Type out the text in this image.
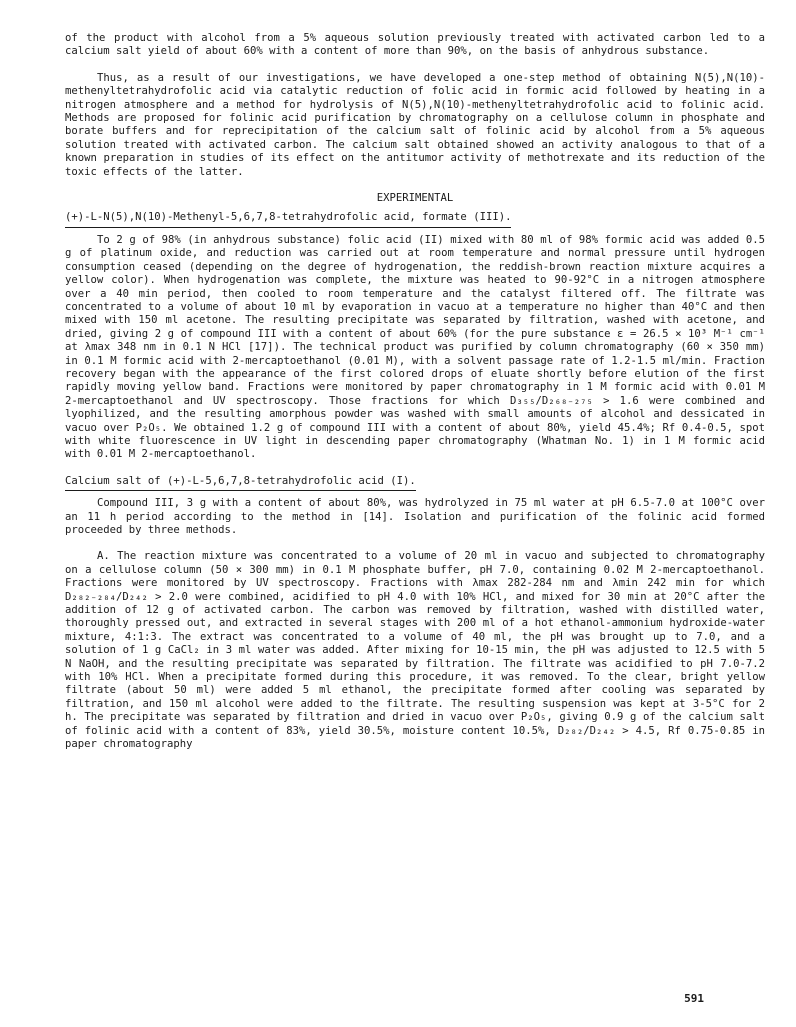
of the product with alcohol from a 5% aqueous solution previously treated with activated carbon led to a calcium salt yield of about 60% with a content of more than 90%, on the basis of anhydrous substance.

Thus, as a result of our investigations, we have developed a one-step method of obtaining N(5),N(10)-methenyltetrahydrofolic acid via catalytic reduction of folic acid in formic acid followed by heating in a nitrogen atmosphere and a method for hydrolysis of N(5),N(10)-methenyltetrahydrofolic acid to folinic acid. Methods are proposed for folinic acid purification by chromatography on a cellulose column in phosphate and borate buffers and for reprecipitation of the calcium salt of folinic acid by alcohol from a 5% aqueous solution treated with activated carbon. The calcium salt obtained showed an activity analogous to that of a known preparation in studies of its effect on the antitumor activity of methotrexate and its reduction of the toxic effects of the latter.

EXPERIMENTAL

(+)-L-N(5),N(10)-Methenyl-5,6,7,8-tetrahydrofolic acid, formate (III).

To 2 g of 98% (in anhydrous substance) folic acid (II) mixed with 80 ml of 98% formic acid was added 0.5 g of platinum oxide, and reduction was carried out at room temperature and normal pressure until hydrogen consumption ceased (depending on the degree of hydrogenation, the reddish-brown reaction mixture acquires a yellow color). When hydrogenation was complete, the mixture was heated to 90-92°C in a nitrogen atmosphere over a 40 min period, then cooled to room temperature and the catalyst filtered off. The filtrate was concentrated to a volume of about 10 ml by evaporation in vacuo at a temperature no higher than 40°C and then mixed with 150 ml acetone. The resulting precipitate was separated by filtration, washed with acetone, and dried, giving 2 g of compound III with a content of about 60% (for the pure substance ε = 26.5 × 10³ M⁻¹ cm⁻¹ at λmax 348 nm in 0.1 N HCl [17]). The technical product was purified by column chromatography (60 × 350 mm) in 0.1 M formic acid with 2-mercaptoethanol (0.01 M), with a solvent passage rate of 1.2-1.5 ml/min. Fraction recovery began with the appearance of the first colored drops of eluate shortly before elution of the first rapidly moving yellow band. Fractions were monitored by paper chromatography in 1 M formic acid with 0.01 M 2-mercaptoethanol and UV spectroscopy. Those fractions for which D₃₅₅/D₂₆₈₋₂₇₅ > 1.6 were combined and lyophilized, and the resulting amorphous powder was washed with small amounts of alcohol and dessicated in vacuo over P₂O₅. We obtained 1.2 g of compound III with a content of about 80%, yield 45.4%; Rf 0.4-0.5, spot with white fluorescence in UV light in descending paper chromatography (Whatman No. 1) in 1 M formic acid with 0.01 M 2-mercaptoethanol.

Calcium salt of (+)-L-5,6,7,8-tetrahydrofolic acid (I).

Compound III, 3 g with a content of about 80%, was hydrolyzed in 75 ml water at pH 6.5-7.0 at 100°C over an 11 h period according to the method in [14]. Isolation and purification of the folinic acid formed proceeded by three methods.

A. The reaction mixture was concentrated to a volume of 20 ml in vacuo and subjected to chromatography on a cellulose column (50 × 300 mm) in 0.1 M phosphate buffer, pH 7.0, containing 0.02 M 2-mercaptoethanol. Fractions were monitored by UV spectroscopy. Fractions with λmax 282-284 nm and λmin 242 min for which D₂₈₂₋₂₈₄/D₂₄₂ > 2.0 were combined, acidified to pH 4.0 with 10% HCl, and mixed for 30 min at 20°C after the addition of 12 g of activated carbon. The carbon was removed by filtration, washed with distilled water, thoroughly pressed out, and extracted in several stages with 200 ml of a hot ethanol-ammonium hydroxide-water mixture, 4:1:3. The extract was concentrated to a volume of 40 ml, the pH was brought up to 7.0, and a solution of 1 g CaCl₂ in 3 ml water was added. After mixing for 10-15 min, the pH was adjusted to 12.5 with 5 N NaOH, and the resulting precipitate was separated by filtration. The filtrate was acidified to pH 7.0-7.2 with 10% HCl. When a precipitate formed during this procedure, it was removed. To the clear, bright yellow filtrate (about 50 ml) were added 5 ml ethanol, the precipitate formed after cooling was separated by filtration, and 150 ml alcohol were added to the filtrate. The resulting suspension was kept at 3-5°C for 2 h. The precipitate was separated by filtration and dried in vacuo over P₂O₅, giving 0.9 g of the calcium salt of folinic acid with a content of 83%, yield 30.5%, moisture content 10.5%, D₂₈₂/D₂₄₂ > 4.5, Rf 0.75-0.85 in paper chromatography

591
